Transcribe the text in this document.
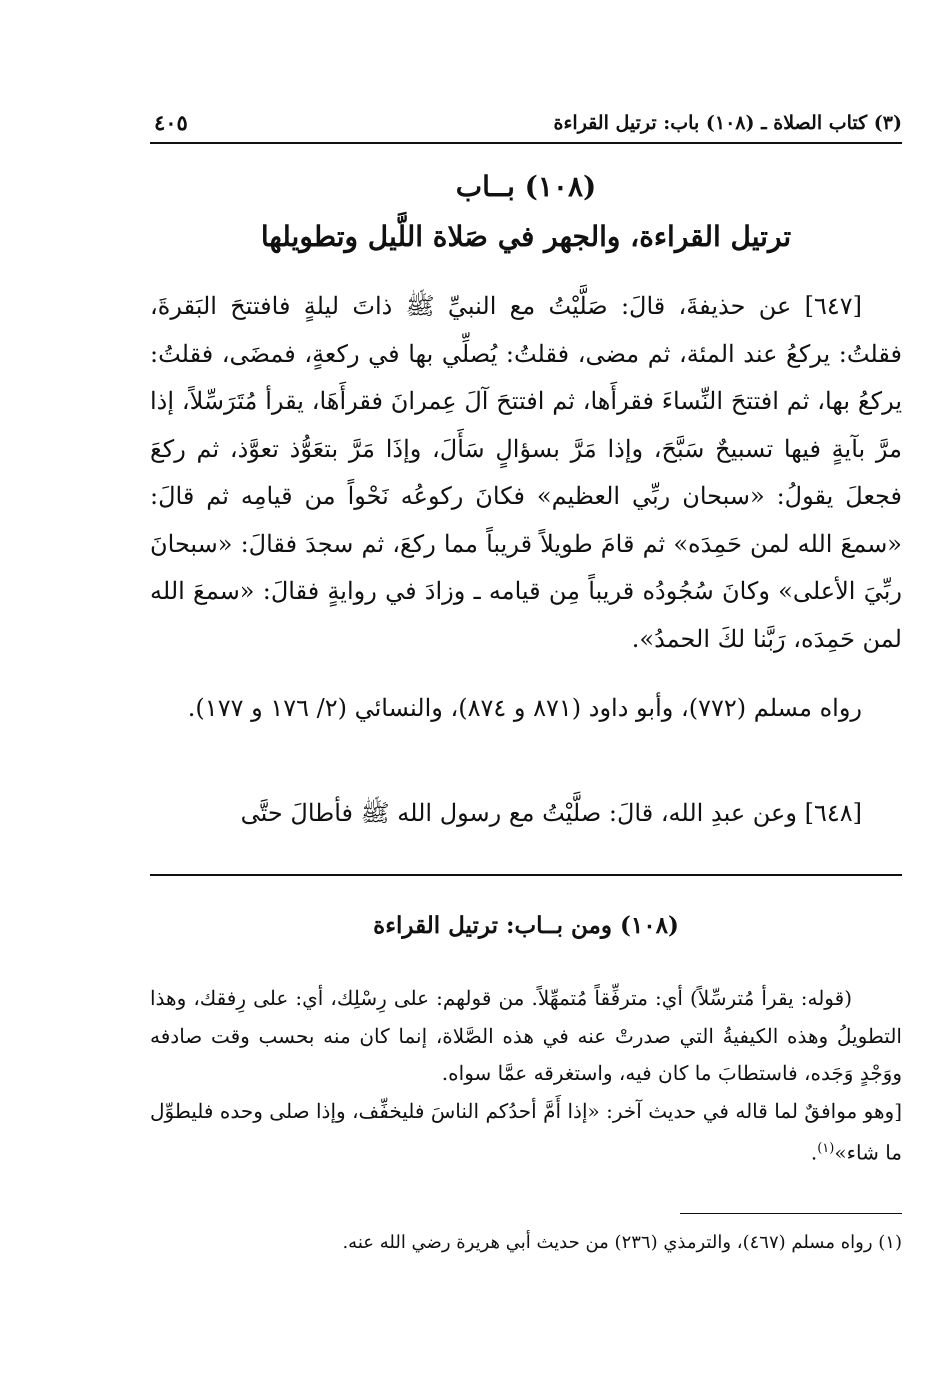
(٣) كتاب الصلاة ـ (١٠٨) باب: ترتيل القراءة
٤٠٥
(١٠٨) بــاب
ترتيل القراءة، والجهر في صَلاة اللَّيل وتطويلها

[٦٤٧] عن حذيفةَ، قالَ: صَلَّيْتُ مع النبيِّ ﷺ ذاتَ ليلةٍ فافتتحَ البَقرةَ، فقلتُ: يركعُ عند المئة، ثم مضى، فقلتُ: يُصلِّي بها في ركعةٍ، فمضَى، فقلتُ: يركعُ بها، ثم افتتحَ النِّساءَ فقرأَها، ثم افتتحَ آلَ عِمرانَ فقرأَهَا، يقرأ مُتَرَسِّلاً، إذا مرَّ بآيةٍ فيها تسبيحٌ سَبَّحَ، وإذا مَرَّ بسؤالٍ سَأَلَ، وإذَا مَرَّ بتعَوُّذ تعوَّذ، ثم ركعَ فجعلَ يقولُ: «سبحان ربِّي العظيم» فكانَ ركوعُه نَحْواً من قيامِه ثم قالَ: «سمعَ الله لمن حَمِدَه» ثم قامَ طويلاً قريباً مما ركعَ، ثم سجدَ فقالَ: «سبحانَ ربِّيَ الأعلى» وكانَ سُجُودُه قريباً مِن قيامه ـ وزادَ في روايةٍ فقالَ: «سمعَ الله لمن حَمِدَه، رَبَّنا لكَ الحمدُ».

رواه مسلم (٧٧٢)، وأبو داود (٨٧١ و ٨٧٤)، والنسائي (٢/ ١٧٦ و ١٧٧).

[٦٤٨] وعن عبدِ الله، قالَ: صلَّيْتُ مع رسول الله ﷺ فأطالَ حتَّى

(١٠٨) ومن بــاب: ترتيل القراءة

(قوله: يقرأ مُترسِّلاً) أي: مترفِّقاً مُتمهِّلاً. من قولهم: على رِسْلِك، أي: على رِفقك، وهذا التطويلُ وهذه الكيفيةُ التي صدرتْ عنه في هذه الصَّلاة، إنما كان منه بحسب وقت صادفه ووَجْدٍ وَجَده، فاستطابَ ما كان فيه، واستغرقه عمَّا سواه.

[وهو موافقٌ لما قاله في حديث آخر: «إذا أَمَّ أحدُكم الناسَ فليخفِّف، وإذا صلى وحده فليطوِّل ما شاء»$^{(١)}$.

(١) رواه مسلم (٤٦٧)، والترمذي (٢٣٦) من حديث أبي هريرة رضي الله عنه.
